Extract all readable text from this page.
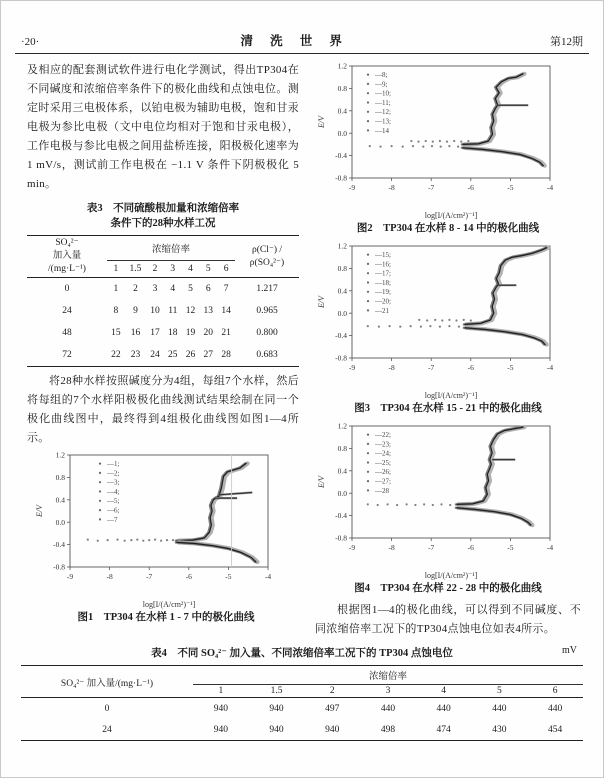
·20·	清 洗 世 界	第12期

及相应的配套测试软件进行电化学测试，得出TP304在不同碱度和浓缩倍率条件下的极化曲线和点蚀电位。测定时采用三电极体系，以铂电极为辅助电极，饱和甘汞电极为参比电极（文中电位均相对于饱和甘汞电极），工作电极与参比电极之间用盐桥连接，阳极极化速率为 1 mV/s，测试前工作电极在 −1.1 V 条件下阴极极化 5 min。

表3　不同硫酸根加量和浓缩倍率
条件下的28种水样工况
SO₄²⁻
加入量
/(mg·L⁻¹)
	浓缩倍率	ρ(Cl⁻) /
ρ(SO₄²⁻)

	1	1.5	2	3	4	5	6	
0	1	2	3	4	5	6	7	1.217
24	8	9	10	11	12	13	14	0.965
48	15	16	17	18	19	20	21	0.800
72	22	23	24	25	26	27	28	0.683

将28种水样按照碱度分为4组，每组7个水样，然后将每组的7个水样阳极极化曲线测试结果绘制在同一个极化曲线图中，最终得到4组极化曲线图如图1—4所示。

-9	-8	-7	-6	-5	-4
-0.8
-0.4
0.0
0.4
0.8
1.2
log[I/(A/cm²)⁻¹]
E/V
—1;
—2;
—3;
—4;
—5;
—6;
—7
图1　TP304 在水样 1 - 7 中的极化曲线
-9	-8	-7	-6	-5	-4
-0.8
-0.4
0.0
0.4
0.8
1.2
log[I/(A/cm²)⁻¹]
E/V
—8;
—9;
—10;
—11;
—12;
—13;
—14
图2　TP304 在水样 8 - 14 中的极化曲线
-9	-8	-7	-6	-5	-4
-0.8
-0.4
0.0
0.4
0.8
1.2
log[I/(A/cm²)⁻¹]
E/V
—15;
—16;
—17;
—18;
—19;
—20;
—21
图3　TP304 在水样 15 - 21 中的极化曲线
-9	-8	-7	-6	-5	-4
-0.8
-0.4
0.0
0.4
0.8
1.2
log[I/(A/cm²)⁻¹]
E/V
—22;
—23;
—24;
—25;
—26;
—27;
—28
图4　TP304 在水样 22 - 28 中的极化曲线

根据图1—4的极化曲线，可以得到不同碱度、不同浓缩倍率工况下的TP304点蚀电位如表4所示。

表4　不同 SO₄²⁻ 加入量、不同浓缩倍率工况下的 TP304 点蚀电位	mV
SO₄²⁻ 加入量/(mg·L⁻¹)	浓缩倍率						
	1	1.5	2	3	4	5	6
0	940	940	497	440	440	440	440
24	940	940	940	498	474	430	454
